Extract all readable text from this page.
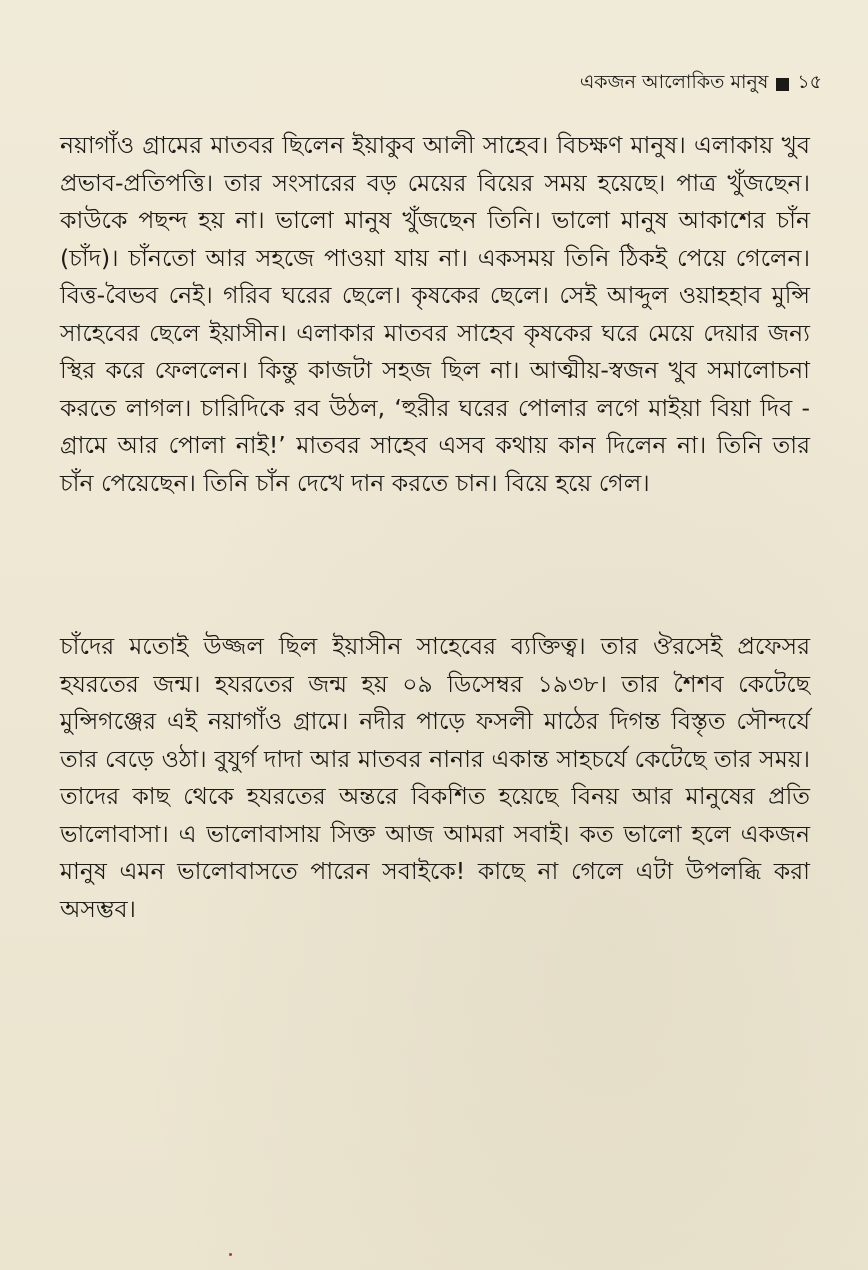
একজন আলোকিত মানুষ ১৫

নয়াগাঁও গ্রামের মাতবর ছিলেন ইয়াকুব আলী সাহেব। বিচক্ষণ মানুষ। এলাকায় খুব প্রভাব-প্রতিপত্তি। তার সংসারের বড় মেয়ের বিয়ের সময় হয়েছে। পাত্র খুঁজছেন। কাউকে পছন্দ হয় না। ভালো মানুষ খুঁজছেন তিনি। ভালো মানুষ আকাশের চাঁন (চাঁদ)। চাঁনতো আর সহজে পাওয়া যায় না। একসময় তিনি ঠিকই পেয়ে গেলেন। বিত্ত-বৈভব নেই। গরিব ঘরের ছেলে। কৃষকের ছেলে। সেই আব্দুল ওয়াহহাব মুন্সি সাহেবের ছেলে ইয়াসীন। এলাকার মাতবর সাহেব কৃষকের ঘরে মেয়ে দেয়ার জন্য স্থির করে ফেললেন। কিন্তু কাজটা সহজ ছিল না। আত্মীয়-স্বজন খুব সমালোচনা করতে লাগল। চারিদিকে রব উঠল, ‘হুরীর ঘরের পোলার লগে মাইয়া বিয়া দিব - গ্রামে আর পোলা নাই!’ মাতবর সাহেব এসব কথায় কান দিলেন না। তিনি তার চাঁন পেয়েছেন। তিনি চাঁন দেখে দান করতে চান। বিয়ে হয়ে গেল।

চাঁদের মতোই উজ্জল ছিল ইয়াসীন সাহেবের ব্যক্তিত্ব। তার ঔরসেই প্রফেসর হযরতের জন্ম। হযরতের জন্ম হয় ০৯ ডিসেম্বর ১৯৩৮। তার শৈশব কেটেছে মুন্সিগঞ্জের এই নয়াগাঁও গ্রামে। নদীর পাড়ে ফসলী মাঠের দিগন্ত বিস্তৃত সৌন্দর্যে তার বেড়ে ওঠা। বুযুর্গ দাদা আর মাতবর নানার একান্ত সাহচর্যে কেটেছে তার সময়। তাদের কাছ থেকে হযরতের অন্তরে বিকশিত হয়েছে বিনয় আর মানুষের প্রতি ভালোবাসা। এ ভালোবাসায় সিক্ত আজ আমরা সবাই। কত ভালো হলে একজন মানুষ এমন ভালোবাসতে পারেন সবাইকে! কাছে না গেলে এটা উপলব্ধি করা অসম্ভব।
